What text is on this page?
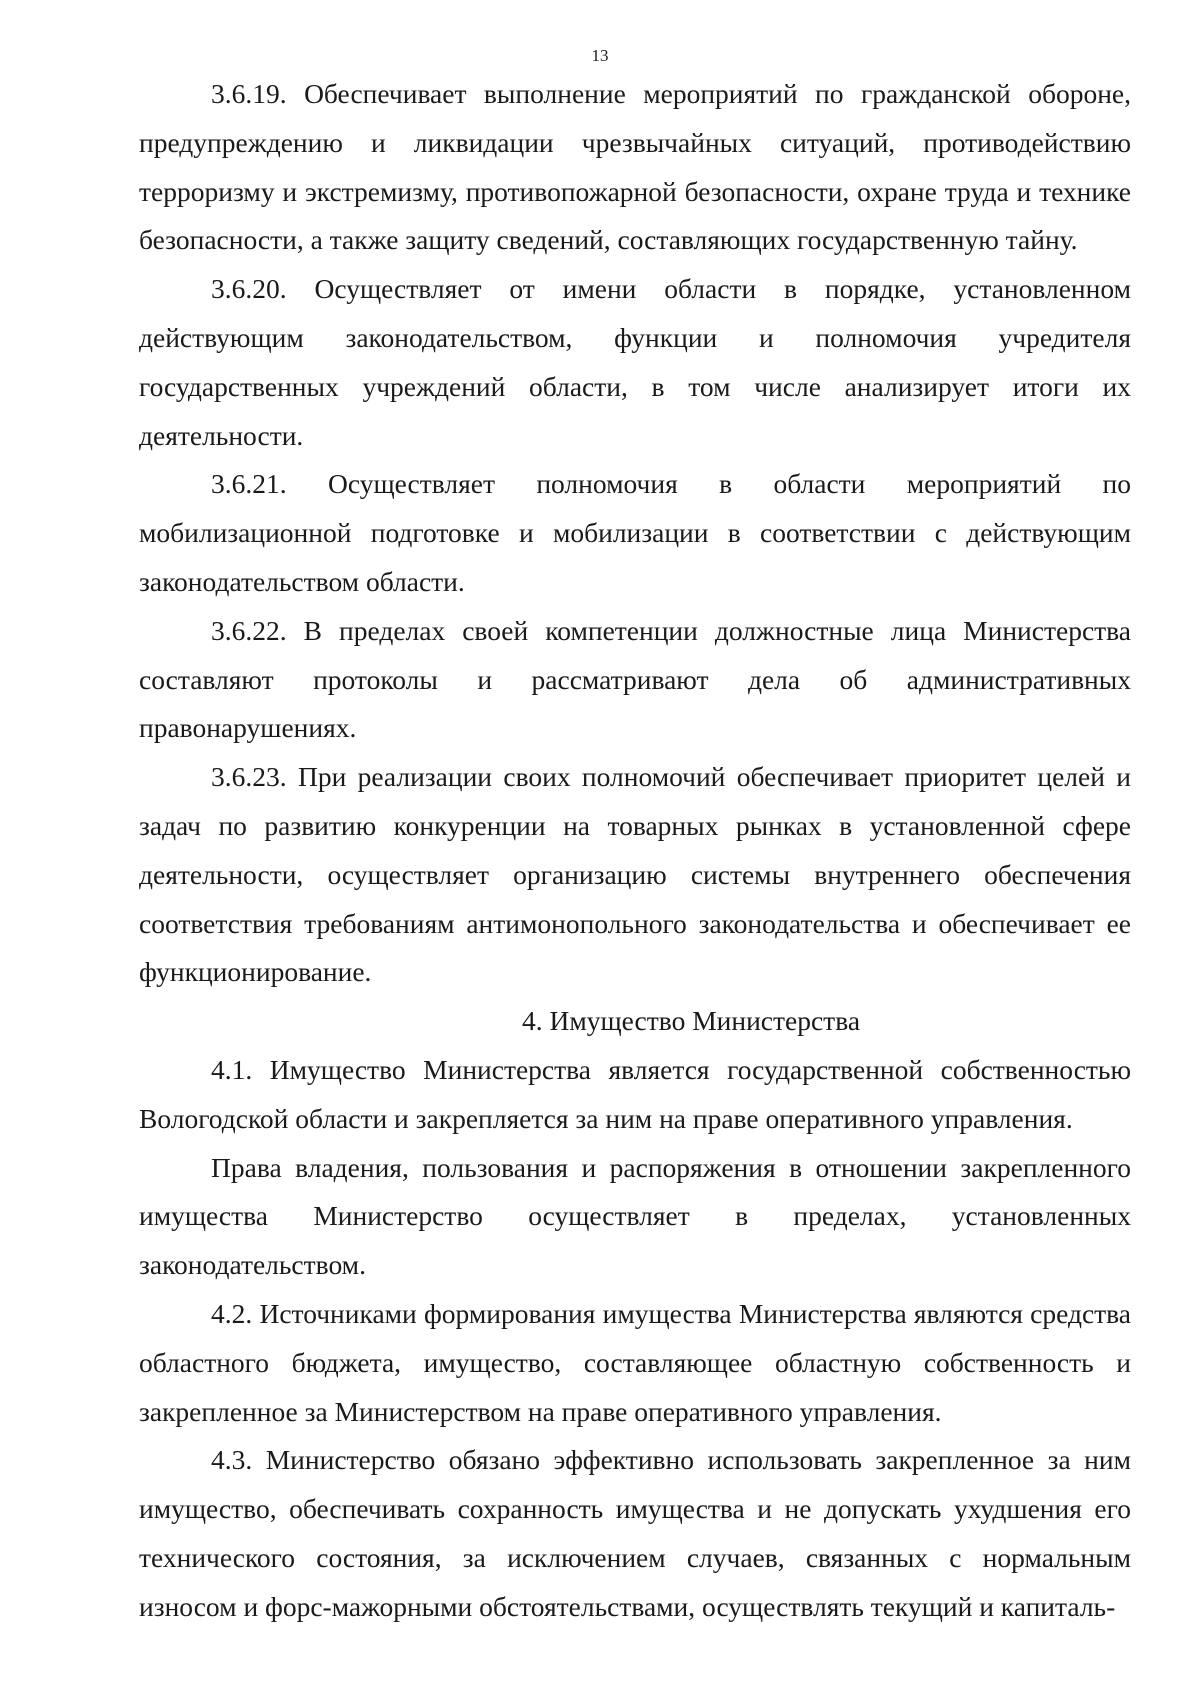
13

3.6.19. Обеспечивает выполнение мероприятий по гражданской обороне, предупреждению и ликвидации чрезвычайных ситуаций, противодействию терроризму и экстремизму, противопожарной безопасности, охране труда и технике безопасности, а также защиту сведений, составляющих государственную тайну.

3.6.20. Осуществляет от имени области в порядке, установленном действующим законодательством, функции и полномочия учредителя государственных учреждений области, в том числе анализирует итоги их деятельности.

3.6.21. Осуществляет полномочия в области мероприятий по мобилизационной подготовке и мобилизации в соответствии с действующим законодательством области.

3.6.22. В пределах своей компетенции должностные лица Министерства составляют протоколы и рассматривают дела об административных правонарушениях.

3.6.23. При реализации своих полномочий обеспечивает приоритет целей и задач по развитию конкуренции на товарных рынках в установленной сфере деятельности, осуществляет организацию системы внутреннего обеспечения соответствия требованиям антимонопольного законодательства и обеспечивает ее функционирование.

4. Имущество Министерства

4.1. Имущество Министерства является государственной собственностью Вологодской области и закрепляется за ним на праве оперативного управления.

Права владения, пользования и распоряжения в отношении закрепленного имущества Министерство осуществляет в пределах, установленных законодательством.

4.2. Источниками формирования имущества Министерства являются средства областного бюджета, имущество, составляющее областную собственность и закрепленное за Министерством на праве оперативного управления.

4.3. Министерство обязано эффективно использовать закрепленное за ним имущество, обеспечивать сохранность имущества и не допускать ухудшения его технического состояния, за исключением случаев, связанных с нормальным износом и форс-мажорными обстоятельствами, осуществлять текущий и капиталь-
